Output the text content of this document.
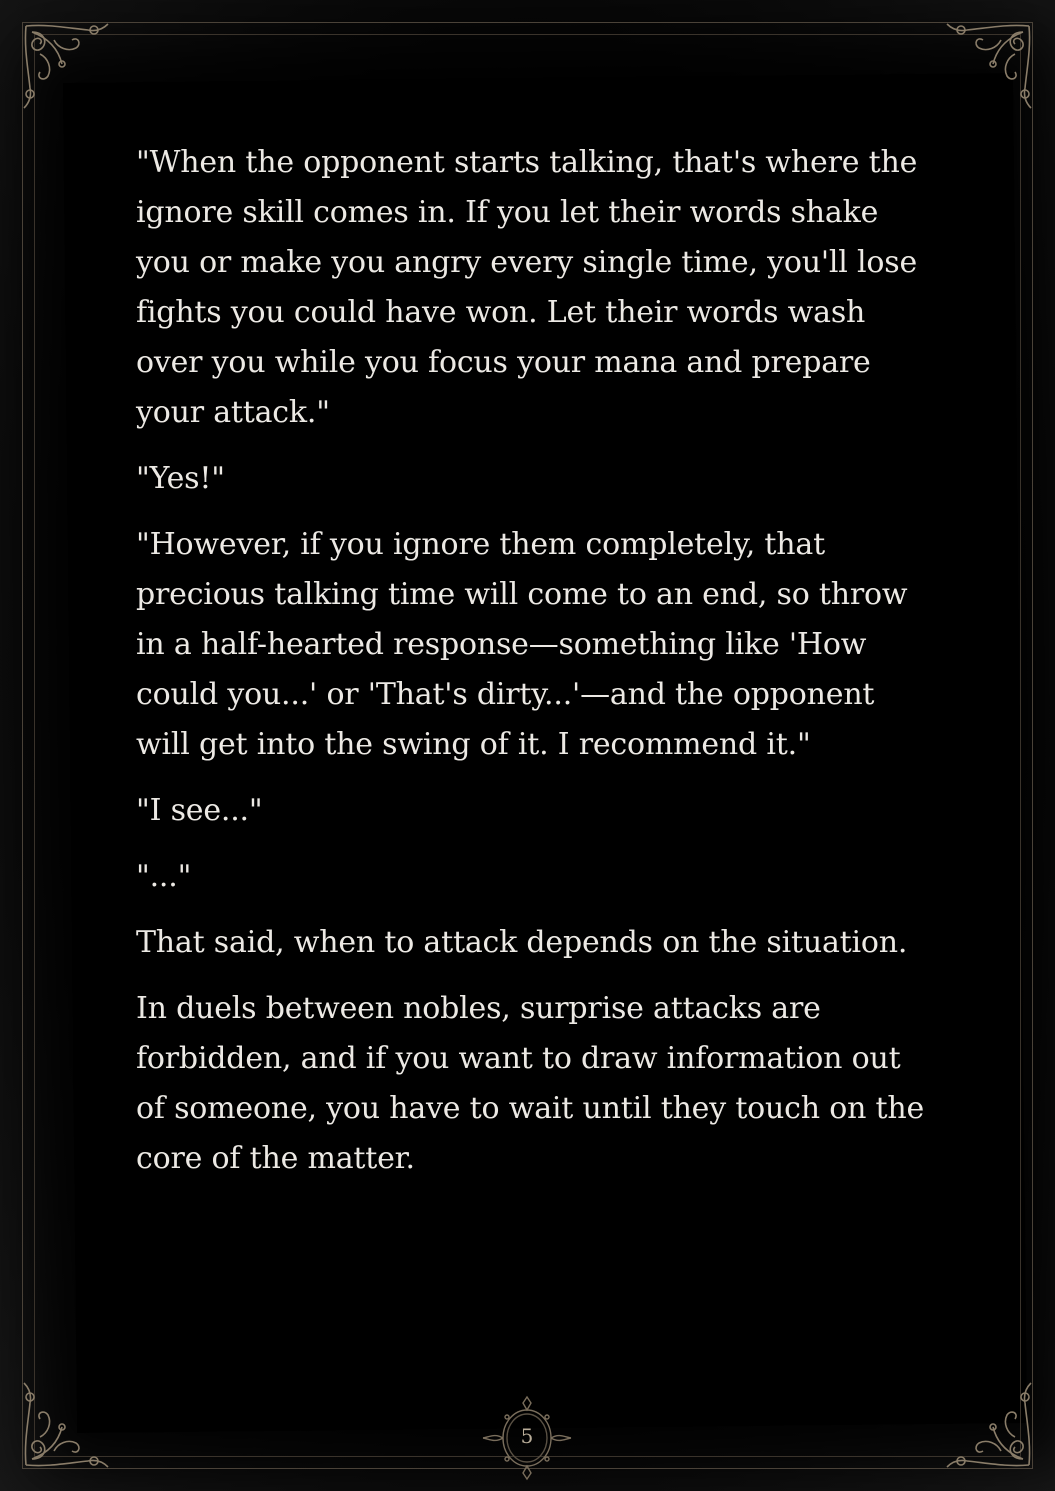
"When the opponent starts talking, that's where the ignore skill comes in. If you let their words shake you or make you angry every single time, you'll lose fights you could have won. Let their words wash over you while you focus your mana and prepare your attack."

"Yes!"

"However, if you ignore them completely, that precious talking time will come to an end, so throw in a half-hearted response—something like 'How could you...' or 'That's dirty...'—and the opponent will get into the swing of it. I recommend it."

"I see..."

"..."

That said, when to attack depends on the situation.

In duels between nobles, surprise attacks are forbidden, and if you want to draw information out of someone, you have to wait until they touch on the core of the matter.

5
